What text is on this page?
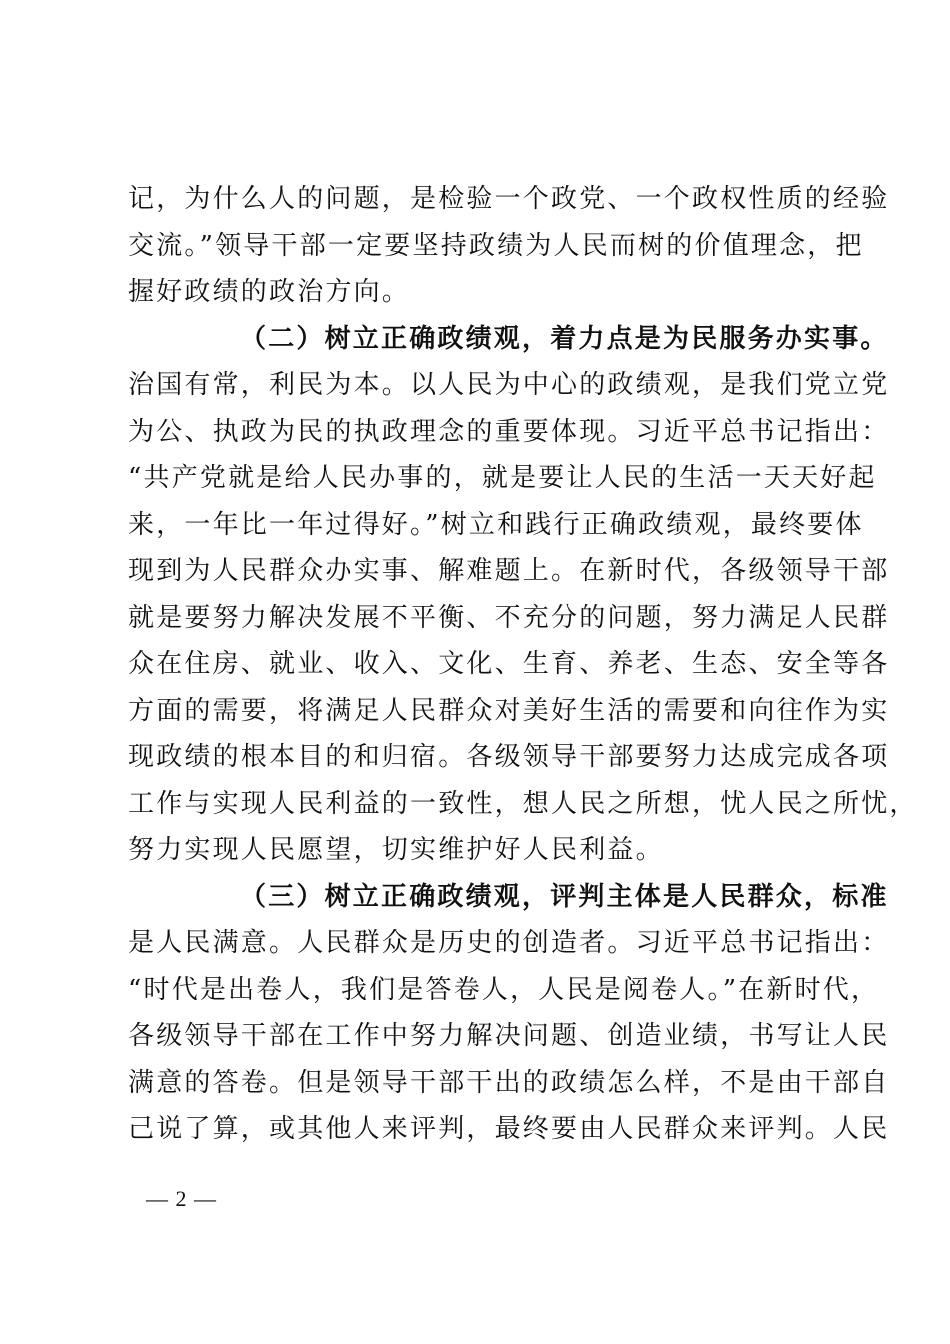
记，为什么人的问题，是检验一个政党、一个政权性质的经验
交流。”领导干部一定要坚持政绩为人民而树的价值理念，把
握好政绩的政治方向。
（二）树立正确政绩观，着力点是为民服务办实事。
治国有常，利民为本。以人民为中心的政绩观，是我们党立党
为公、执政为民的执政理念的重要体现。习近平总书记指出：
“共产党就是给人民办事的，就是要让人民的生活一天天好起
来，一年比一年过得好。”树立和践行正确政绩观，最终要体
现到为人民群众办实事、解难题上。在新时代，各级领导干部
就是要努力解决发展不平衡、不充分的问题，努力满足人民群
众在住房、就业、收入、文化、生育、养老、生态、安全等各
方面的需要，将满足人民群众对美好生活的需要和向往作为实
现政绩的根本目的和归宿。各级领导干部要努力达成完成各项
工作与实现人民利益的一致性，想人民之所想，忧人民之所忧，
努力实现人民愿望，切实维护好人民利益。
（三）树立正确政绩观，评判主体是人民群众，标准
是人民满意。人民群众是历史的创造者。习近平总书记指出：
“时代是出卷人，我们是答卷人，人民是阅卷人。”在新时代，
各级领导干部在工作中努力解决问题、创造业绩，书写让人民
满意的答卷。但是领导干部干出的政绩怎么样，不是由干部自
己说了算，或其他人来评判，最终要由人民群众来评判。人民
— 2 —
